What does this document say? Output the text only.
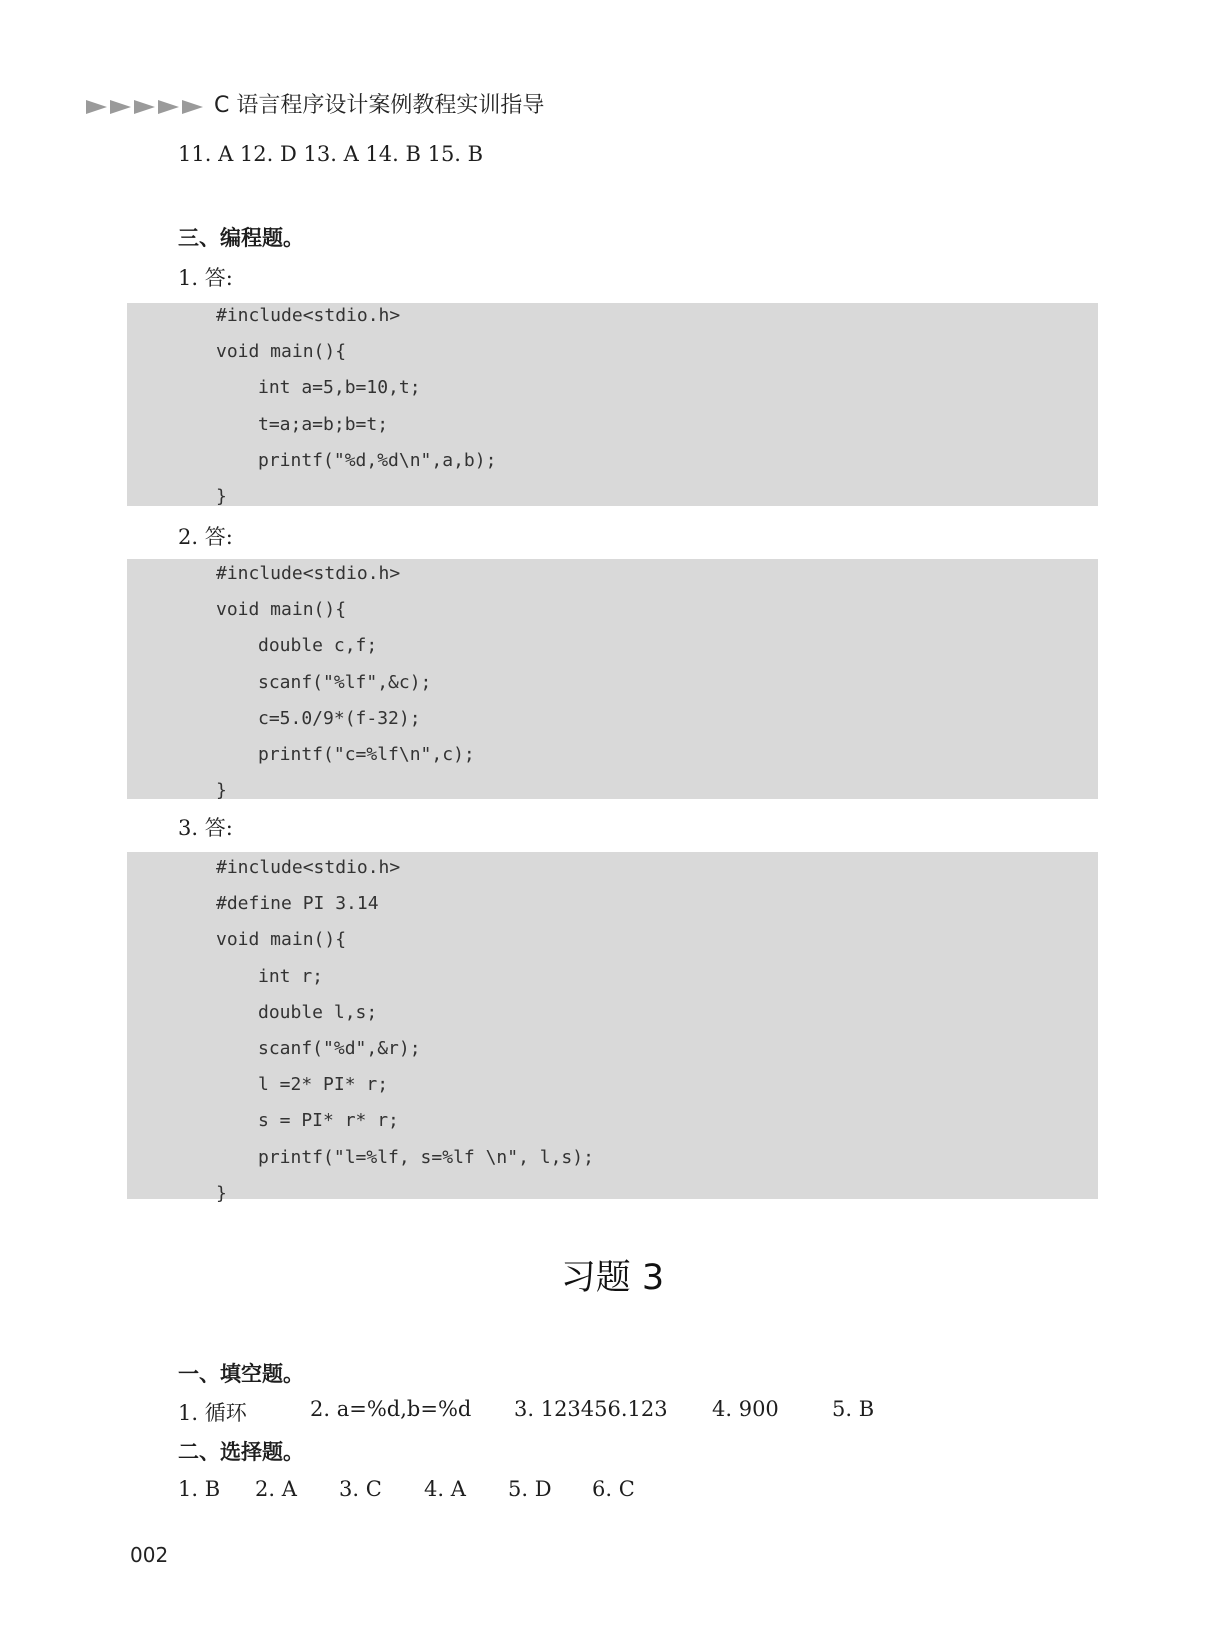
C 语言程序设计案例教程实训指导
11. A 12. D 13. A 14. B 15. B
三、编程题。
1. 答:
#include<stdio.h>
void main(){
int a=5,b=10,t;
t=a;a=b;b=t;
printf("%d,%d\n",a,b);
}
2. 答:
#include<stdio.h>
void main(){
double c,f;
scanf("%lf",&c);
c=5.0/9*(f-32);
printf("c=%lf\n",c);
}
3. 答:
#include<stdio.h>
#define PI 3.14
void main(){
int r;
double l,s;
scanf("%d",&r);
l =2* PI* r;
s = PI* r* r;
printf("l=%lf, s=%lf \n", l,s);
}
习题 3
一、填空题。
1. 循环	2. a=%d,b=%d 3. 123456.123 4. 900	5. B
二、选择题。
1. B 2. A 3. C 4. A 5. D 6. C
002
